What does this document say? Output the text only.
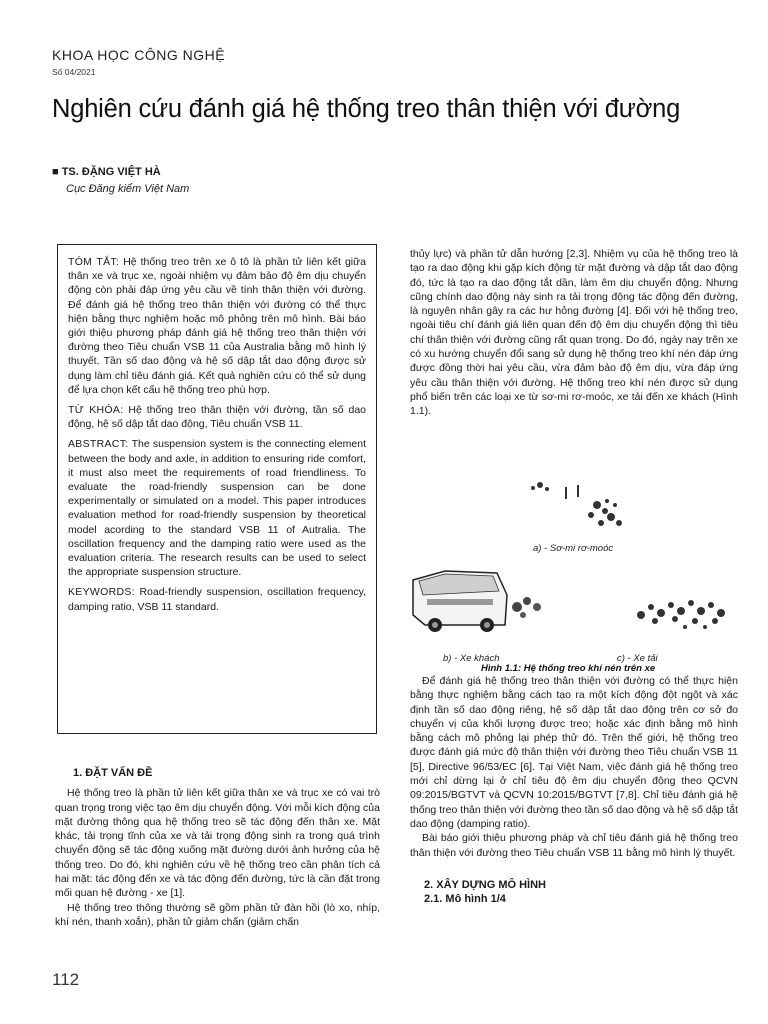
KHOA HỌC CÔNG NGHỆ
Số 04/2021
Nghiên cứu đánh giá hệ thống treo thân thiện với đường
■ TS. ĐẶNG VIỆT HÀ
Cục Đăng kiểm Việt Nam

TÓM TẮT: Hệ thống treo trên xe ô tô là phần tử liên kết giữa thân xe và trục xe, ngoài nhiệm vụ đảm bảo độ êm dịu chuyển động còn phải đáp ứng yêu cầu về tính thân thiện với đường. Để đánh giá hệ thống treo thân thiện với đường có thể thực hiện bằng thực nghiệm hoặc mô phỏng trên mô hình. Bài báo giới thiệu phương pháp đánh giá hệ thống treo thân thiện với đường theo Tiêu chuẩn VSB 11 của Australia bằng mô hình lý thuyết. Tần số dao động và hệ số dập tắt dao động được sử dụng làm chỉ tiêu đánh giá. Kết quả nghiên cứu có thể sử dụng để lựa chọn kết cấu hệ thống treo phù hợp.

TỪ KHÓA: Hệ thống treo thân thiện với đường, tần số dao động, hệ số dập tắt dao động, Tiêu chuẩn VSB 11.

ABSTRACT: The suspension system is the connecting element between the body and axle, in addition to ensuring ride comfort, it must also meet the requirements of road friendliness. To evaluate the road-friendly suspension can be done experimentally or simulated on a model. This paper introduces evaluation method for road-friendly suspension by theoretical model acording to the standard VSB 11 of Autralia. The oscillation frequency and the damping ratio were used as the evaluation criteria. The research results can be used to select the appropriate suspension structure.

KEYWORDS: Road-friendly suspension, oscillation frequency, damping ratio, VSB 11 standard.

1. ĐẶT VẤN ĐỀ

Hệ thống treo là phần tử liên kết giữa thân xe và trục xe có vai trò quan trọng trong việc tạo êm dịu chuyển động. Với mỗi kích động của mặt đường thông qua hệ thống treo sẽ tác động đến thân xe. Mặt khác, tải trọng tĩnh của xe và tải trọng động sinh ra trong quá trình chuyển động sẽ tác động xuống mặt đường dưới ảnh hưởng của hệ thống treo. Do đó, khi nghiên cứu về hệ thống treo cần phân tích cả hai mặt: tác động đến xe và tác động đến đường, tức là cần đặt trong mối quan hệ đường - xe [1].

Hệ thống treo thông thường sẽ gồm phần tử đàn hồi (lò xo, nhíp, khí nén, thanh xoắn), phần tử giảm chấn (giảm chấn

thủy lực) và phần tử dẫn hướng [2,3]. Nhiệm vụ của hệ thống treo là tạo ra dao động khi gặp kích động từ mặt đường và dập tắt dao động đó, tức là tạo ra dao động tắt dần, làm êm dịu chuyển động. Nhưng cũng chính dao động này sinh ra tải trọng động tác động đến đường, là nguyên nhân gây ra các hư hỏng đường [4]. Đối với hệ thống treo, ngoài tiêu chí đánh giá liên quan đến độ êm dịu chuyển động thì tiêu chí thân thiện với đường cũng rất quan trọng. Do đó, ngày nay trên xe có xu hướng chuyển đổi sang sử dụng hệ thống treo khí nén đáp ứng được đồng thời hai yêu cầu, vừa đảm bảo độ êm dịu, vừa đáp ứng yêu cầu thân thiện với đường. Hệ thống treo khí nén được sử dụng phổ biến trên các loại xe từ sơ-mi rơ-moóc, xe tải đến xe khách (Hình 1.1).

a) - Sơ-mi rơ-moóc
b) - Xe khách	c) - Xe tải
Hình 1.1: Hệ thống treo khí nén trên xe

Để đánh giá hệ thống treo thân thiện với đường có thể thực hiện bằng thực nghiệm bằng cách tạo ra một kích động đột ngột và xác định tần số dao động riêng, hệ số dập tắt dao động trên cơ sở đo chuyển vị của khối lượng được treo; hoặc xác định bằng mô hình bằng cách mô phỏng lại phép thử đó. Trên thế giới, hệ thống treo được đánh giá mức độ thân thiện với đường theo Tiêu chuẩn VSB 11 [5], Directive 96/53/EC [6]. Tại Việt Nam, việc đánh giá hệ thống treo mới chỉ dừng lại ở chỉ tiêu độ êm dịu chuyển động theo QCVN 09:2015/BGTVT và QCVN 10:2015/BGTVT [7,8]. Chỉ tiêu đánh giá hệ thống treo thân thiện với đường theo tần số dao động và hệ số dập tắt dao động (damping ratio).

Bài báo giới thiệu phương pháp và chỉ tiêu đánh giá hệ thống treo thân thiện với đường theo Tiêu chuẩn VSB 11 bằng mô hình lý thuyết.

2. XÂY DỰNG MÔ HÌNH
2.1. Mô hình 1/4
112
